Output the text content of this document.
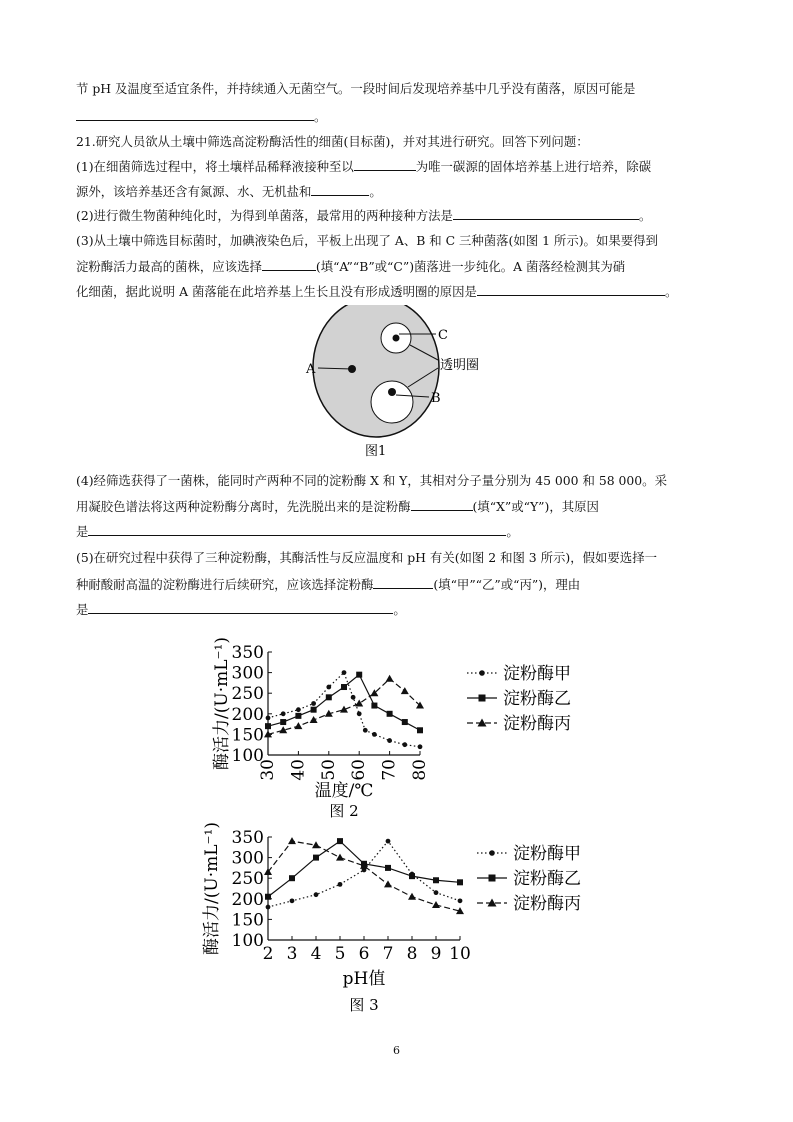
节 pH 及温度至适宜条件，并持续通入无菌空气。一段时间后发现培养基中几乎没有菌落，原因可能是
。
21.研究人员欲从土壤中筛选高淀粉酶活性的细菌(目标菌)，并对其进行研究。回答下列问题：
(1)在细菌筛选过程中，将土壤样品稀释液接种至以	为唯一碳源的固体培养基上进行培养，除碳
源外，该培养基还含有氮源、水、无机盐和	。
(2)进行微生物菌种纯化时，为得到单菌落，最常用的两种接种方法是	。
(3)从土壤中筛选目标菌时，加碘液染色后，平板上出现了 A、B 和 C 三种菌落(如图 1 所示)。如果要得到
淀粉酶活力最高的菌株，应该选择	(填“A”“B”或“C”)菌落进一步纯化。A 菌落经检测其为硝
化细菌，据此说明 A 菌落能在此培养基上生长且没有形成透明圈的原因是	。
A
C
透明圈
B
图1
(4)经筛选获得了一菌株，能同时产两种不同的淀粉酶 X 和 Y，其相对分子量分别为 45 000 和 58 000。采
用凝胶色谱法将这两种淀粉酶分离时，先洗脱出来的是淀粉酶	(填“X”或“Y”)，其原因
是	。
(5)在研究过程中获得了三种淀粉酶，其酶活性与反应温度和 pH 有关(如图 2 和图 3 所示)，假如要选择一
种耐酸耐高温的淀粉酶进行后续研究，应该选择淀粉酶	(填“甲”“乙”或“丙”)，理由
是	。
100
150
200
250
300
350
30 40 50 60 70 80
酶活力/(U·mL⁻¹)
温度/℃
图 2
淀粉酶甲
淀粉酶乙
淀粉酶丙
100
150
200
250
300
350
2 3 4 5 6 7 8 9 10
酶活力/(U·mL⁻¹)
pH值
图 3
淀粉酶甲
淀粉酶乙
淀粉酶丙
6
